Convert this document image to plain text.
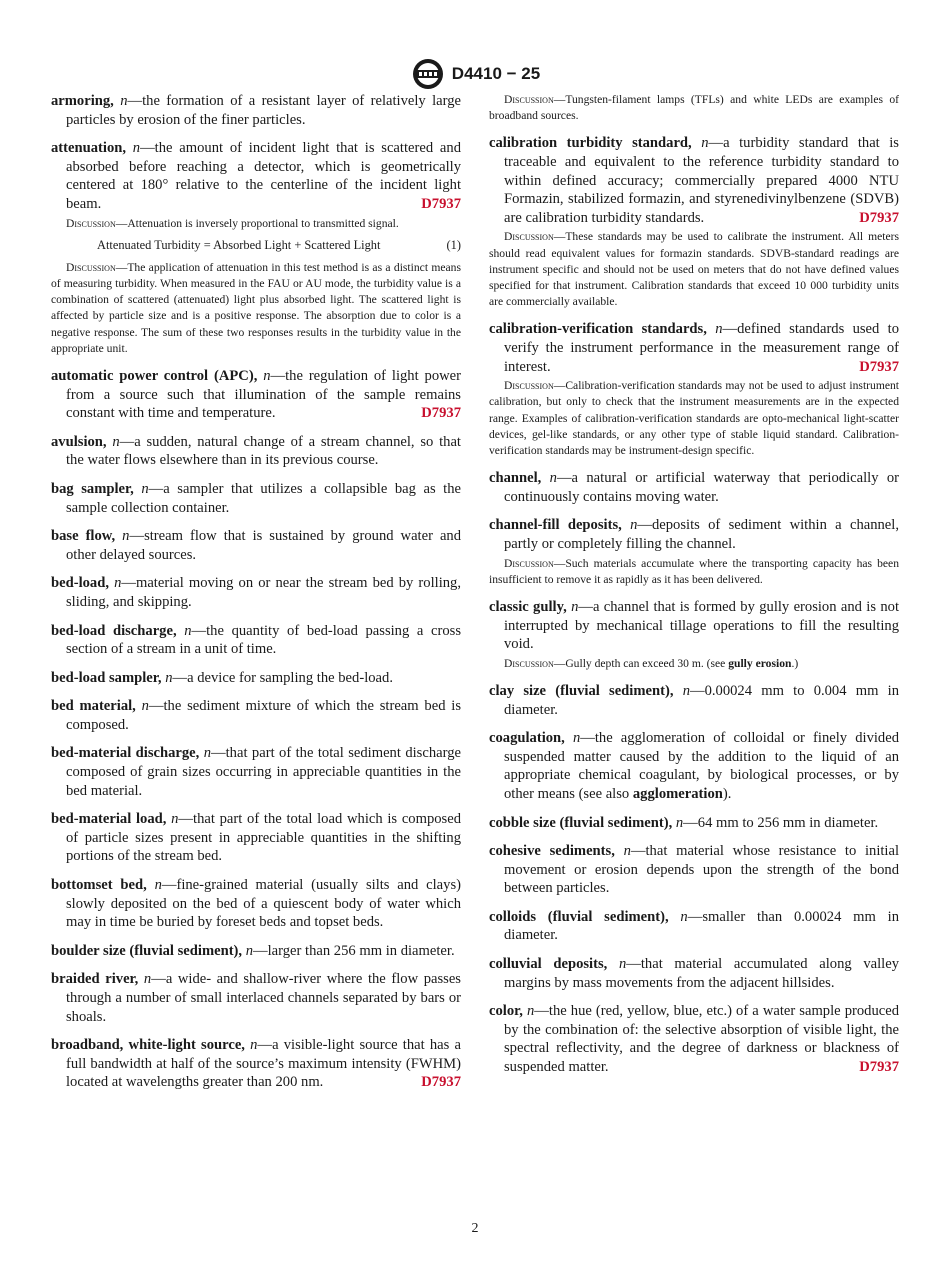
D4410 − 25

armoring, n—the formation of a resistant layer of relatively large particles by erosion of the finer particles.

attenuation, n—the amount of incident light that is scattered and absorbed before reaching a detector, which is geometrically centered at 180° relative to the centerline of the incident light beam.	D7937

Discussion—Attenuation is inversely proportional to transmitted signal.

Attenuated Turbidity = Absorbed Light + Scattered Light	(1)

Discussion—The application of attenuation in this test method is as a distinct means of measuring turbidity. When measured in the FAU or AU mode, the turbidity value is a combination of scattered (attenuated) light plus absorbed light. The scattered light is affected by particle size and is a positive response. The absorption due to color is a negative response. The sum of these two responses results in the turbidity value in the appropriate unit.

automatic power control (APC), n—the regulation of light power from a source such that illumination of the sample remains constant with time and temperature.	D7937

avulsion, n—a sudden, natural change of a stream channel, so that the water flows elsewhere than in its previous course.

bag sampler, n—a sampler that utilizes a collapsible bag as the sample collection container.

base flow, n—stream flow that is sustained by ground water and other delayed sources.

bed-load, n—material moving on or near the stream bed by rolling, sliding, and skipping.

bed-load discharge, n—the quantity of bed-load passing a cross section of a stream in a unit of time.

bed-load sampler, n—a device for sampling the bed-load.

bed material, n—the sediment mixture of which the stream bed is composed.

bed-material discharge, n—that part of the total sediment discharge composed of grain sizes occurring in appreciable quantities in the bed material.

bed-material load, n—that part of the total load which is composed of particle sizes present in appreciable quantities in the shifting portions of the stream bed.

bottomset bed, n—fine-grained material (usually silts and clays) slowly deposited on the bed of a quiescent body of water which may in time be buried by foreset beds and topset beds.

boulder size (fluvial sediment), n—larger than 256 mm in diameter.

braided river, n—a wide- and shallow-river where the flow passes through a number of small interlaced channels separated by bars or shoals.

broadband, white-light source, n—a visible-light source that has a full bandwidth at half of the source’s maximum intensity (FWHM) located at wavelengths greater than 200 nm.	D7937

Discussion—Tungsten-filament lamps (TFLs) and white LEDs are examples of broadband sources.

calibration turbidity standard, n—a turbidity standard that is traceable and equivalent to the reference turbidity standard to within defined accuracy; commercially prepared 4000 NTU Formazin, stabilized formazin, and styrenedivinylbenzene (SDVB) are calibration turbidity standards.	D7937

Discussion—These standards may be used to calibrate the instrument. All meters should read equivalent values for formazin standards. SDVB-standard readings are instrument specific and should not be used on meters that do not have defined values specified for that instrument. Calibration standards that exceed 10 000 turbidity units are commercially available.

calibration-verification standards, n—defined standards used to verify the instrument performance in the measurement range of interest.	D7937

Discussion—Calibration-verification standards may not be used to adjust instrument calibration, but only to check that the instrument measurements are in the expected range. Examples of calibration-verification standards are opto-mechanical light-scatter devices, gel-like standards, or any other type of stable liquid standard. Calibration-verification standards may be instrument-design specific.

channel, n—a natural or artificial waterway that periodically or continuously contains moving water.

channel-fill deposits, n—deposits of sediment within a channel, partly or completely filling the channel.

Discussion—Such materials accumulate where the transporting capacity has been insufficient to remove it as rapidly as it has been delivered.

classic gully, n—a channel that is formed by gully erosion and is not interrupted by mechanical tillage operations to fill the resulting void.

Discussion—Gully depth can exceed 30 m. (see gully erosion.)

clay size (fluvial sediment), n—0.00024 mm to 0.004 mm in diameter.

coagulation, n—the agglomeration of colloidal or finely divided suspended matter caused by the addition to the liquid of an appropriate chemical coagulant, by biological processes, or by other means (see also agglomeration).

cobble size (fluvial sediment), n—64 mm to 256 mm in diameter.

cohesive sediments, n—that material whose resistance to initial movement or erosion depends upon the strength of the bond between particles.

colloids (fluvial sediment), n—smaller than 0.00024 mm in diameter.

colluvial deposits, n—that material accumulated along valley margins by mass movements from the adjacent hillsides.

color, n—the hue (red, yellow, blue, etc.) of a water sample produced by the combination of: the selective absorption of visible light, the spectral reflectivity, and the degree of darkness or blackness of suspended matter.	D7937

2
